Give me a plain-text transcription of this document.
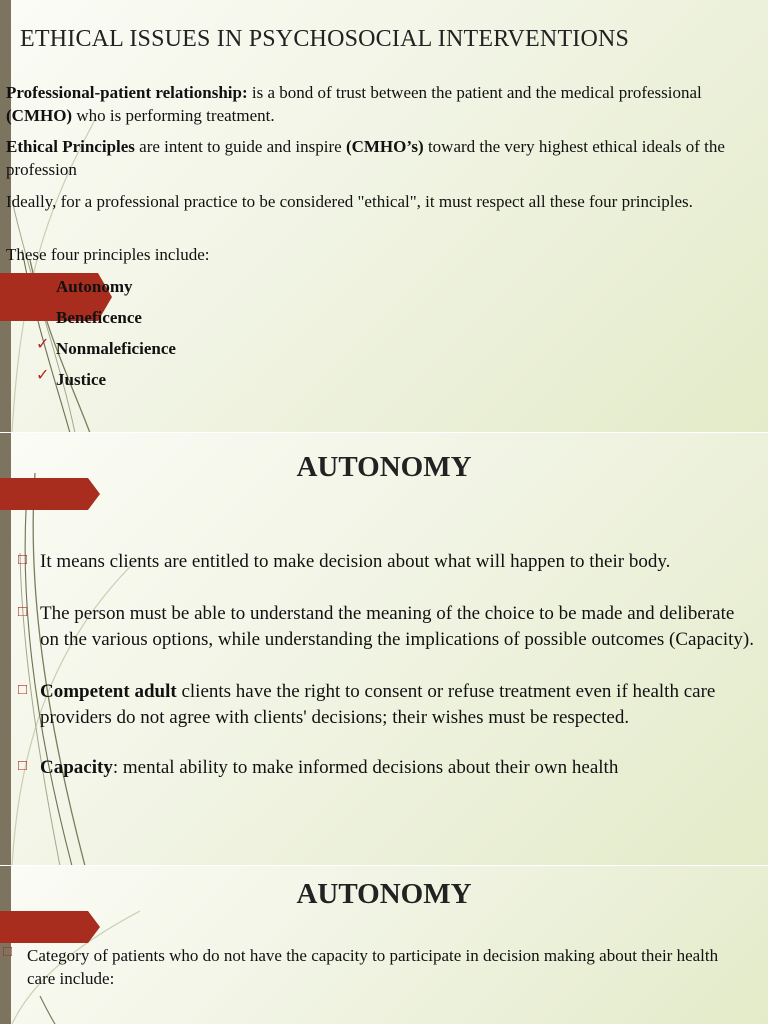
ETHICAL ISSUES IN PSYCHOSOCIAL INTERVENTIONS

Professional-patient relationship: is a bond of trust between the patient and the medical professional (CMHO) who is performing treatment.

Ethical Principles are intent to guide and inspire (CMHO’s) toward the very highest ethical ideals of the profession

Ideally, for a professional practice to be considered "ethical", it must respect all these four principles.

These four principles include:

✓ Autonomy
✓ Beneficence
✓ Nonmaleficience
✓ Justice
AUTONOMY
□ It means clients are entitled to make decision about what will happen to their body.
□ The person must be able to understand the meaning of the choice to be made and deliberate on the various options, while understanding the implications of possible outcomes (Capacity).
□ Competent adult clients have the right to consent or refuse treatment even if health care providers do not agree with clients' decisions; their wishes must be respected.
□ Capacity: mental ability to make informed decisions about their own health
AUTONOMY
□ Category of patients who do not have the capacity to participate in decision making about their health care include:
